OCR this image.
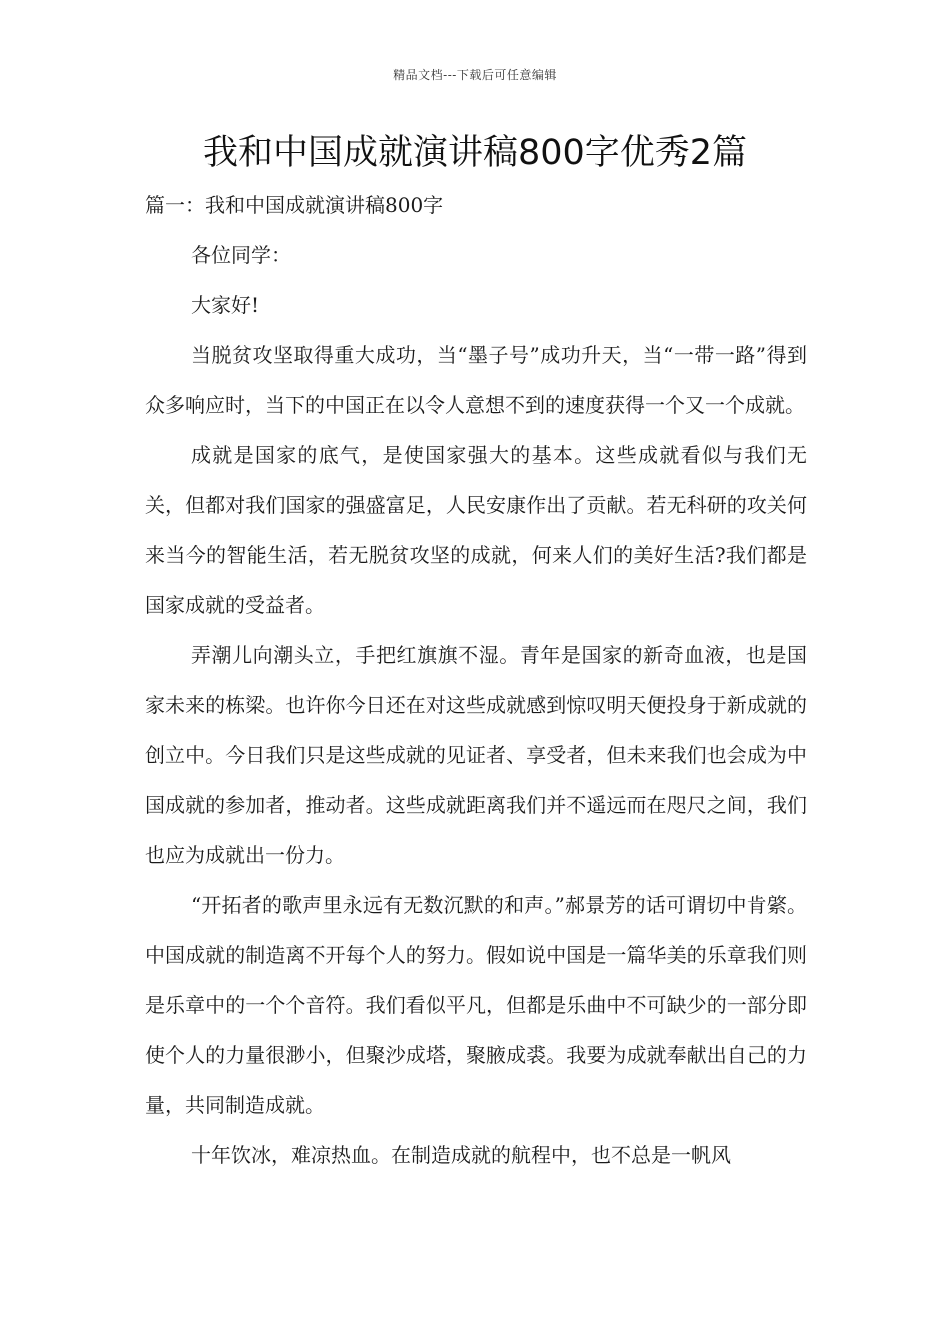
精品文档---下载后可任意编辑
我和中国成就演讲稿800字优秀2篇

篇一：我和中国成就演讲稿800字

各位同学：

大家好!

当脱贫攻坚取得重大成功，当“墨子号”成功升天，当“一带一路”得到众多响应时，当下的中国正在以令人意想不到的速度获得一个又一个成就。

成就是国家的底气，是使国家强大的基本。这些成就看似与我们无关，但都对我们国家的强盛富足，人民安康作出了贡献。若无科研的攻关何来当今的智能生活，若无脱贫攻坚的成就，何来人们的美好生活?我们都是国家成就的受益者。

弄潮儿向潮头立，手把红旗旗不湿。青年是国家的新奇血液，也是国家未来的栋梁。也许你今日还在对这些成就感到惊叹明天便投身于新成就的创立中。今日我们只是这些成就的见证者、享受者，但未来我们也会成为中国成就的参加者，推动者。这些成就距离我们并不遥远而在咫尺之间，我们也应为成就出一份力。

“开拓者的歌声里永远有无数沉默的和声。”郝景芳的话可谓切中肯綮。中国成就的制造离不开每个人的努力。假如说中国是一篇华美的乐章我们则是乐章中的一个个音符。我们看似平凡，但都是乐曲中不可缺少的一部分即使个人的力量很渺小，但聚沙成塔，聚腋成裘。我要为成就奉献出自己的力量，共同制造成就。

十年饮冰，难凉热血。在制造成就的航程中，也不总是一帆风
